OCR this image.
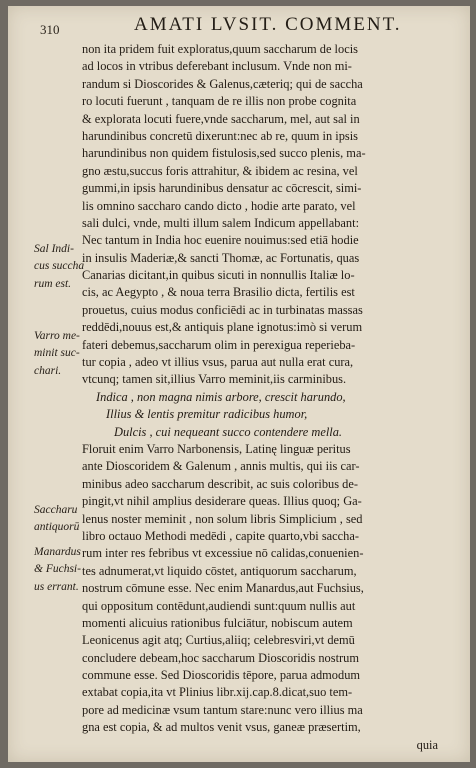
310	AMATI LVSIT. COMMENT.
Sal Indi-
cus succha
rum est.
Varro me-
minit suc-
chari.
Saccharu
antiquorū
Manardus
& Fuchsi-
us errant.
non ita pridem fuit exploratus,quum saccharum de locis
ad locos in vtribus deferebant inclusum. Vnde non mi-
randum si Dioscorides & Galenus,cæteriq; qui de saccha
ro locuti fuerunt , tanquam de re illis non probe cognita
& explorata locuti fuere,vnde saccharum, mel, aut sal in
harundinibus concretū dixerunt:nec ab re, quum in ipsis
harundinibus non quidem fistulosis,sed succo plenis, ma-
gno æstu,succus foris attrahitur, & ibidem ac resina, vel
gummi,in ipsis harundinibus densatur ac cōcrescit, simi-
lis omnino saccharo cando dicto , hodie arte parato, vel
sali dulci, vnde, multi illum salem Indicum appellabant:
Nec tantum in India hoc euenire nouimus:sed etiā hodie
in insulis Maderiæ,& sancti Thomæ, ac Fortunatis, quas
Canarias dicitant,in quibus sicuti in nonnullis Italiæ lo-
cis, ac Aegypto , & noua terra Brasilio dicta, fertilis est
prouetus, cuius modus conficiēdi ac in turbinatas massas
reddēdi,nouus est,& antiquis plane ignotus:imò si verum
fateri debemus,saccharum olim in perexigua reperieba-
tur copia , adeo vt illius vsus, parua aut nulla erat cura,
vtcunq; tamen sit,illius Varro meminit,iis carminibus.
Indica , non magna nimis arbore, crescit harundo,
Illius & lentis premitur radicibus humor,
Dulcis , cui nequeant succo contendere mella.
Floruit enim Varro Narbonensis, Latinę linguæ peritus
ante Dioscoridem & Galenum , annis multis, qui iis car-
minibus adeo saccharum describit, ac suis coloribus de-
pingit,vt nihil amplius desiderare queas. Illius quoq; Ga-
lenus noster meminit , non solum libris Simplicium , sed
libro octauo Methodi medēdi , capite quarto,vbi saccha-
rum inter res febribus vt excessiue nō calidas,conuenien-
tes adnumerat,vt liquido cōstet, antiquorum saccharum,
nostrum cōmune esse. Nec enim Manardus,aut Fuchsius,
qui oppositum contēdunt,audiendi sunt:quum nullis aut
momenti alicuius rationibus fulciātur, nobiscum autem
Leonicenus agit atq; Curtius,aliiq; celebresviri,vt demū
concludere debeam,hoc saccharum Dioscoridis nostrum
commune esse. Sed Dioscoridis tēpore, parua admodum
extabat copia,ita vt Plinius libr.xij.cap.8.dicat,suo tem-
pore ad medicinæ vsum tantum stare:nunc vero illius ma
gna est copia, & ad multos venit vsus, ganeæ præsertim,
quia
